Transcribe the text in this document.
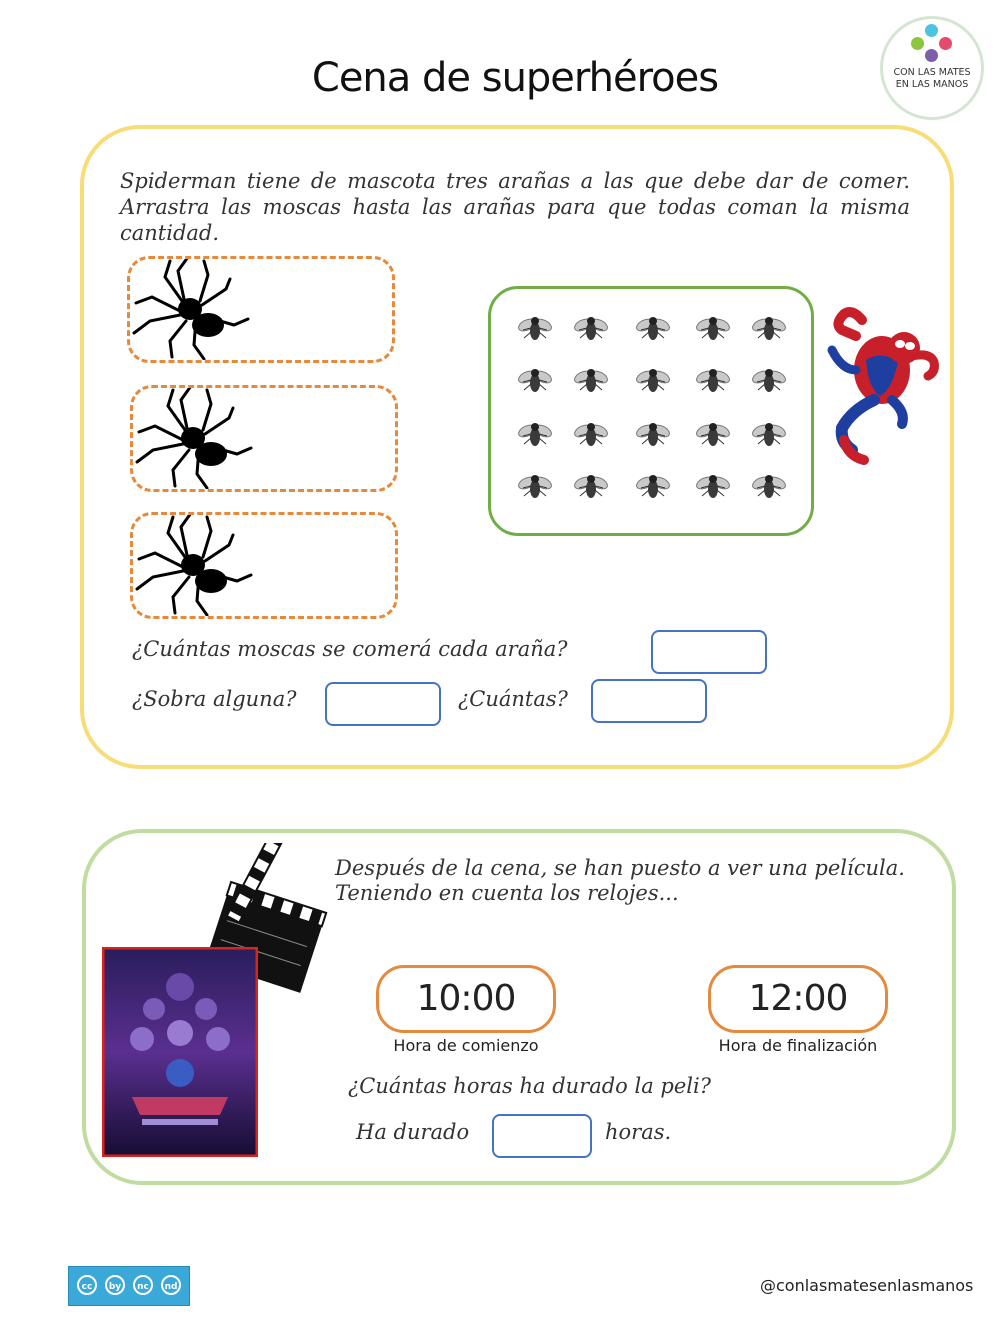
Cena de superhéroes	CON LAS MATES
EN LAS MANOS
Spiderman tiene de mascota tres arañas a las que debe dar de comer. Arrastra las moscas hasta las arañas para que todas coman la misma cantidad.
¿Cuántas moscas se comerá cada araña?
¿Sobra alguna?	¿Cuántas?
Después de la cena, se han puesto a ver una película.
Teniendo en cuenta los relojes...
10:00
Hora de comienzo
12:00
Hora de finalización
¿Cuántas horas ha durado la peli?
Ha durado	horas.
cc	by	nc	nd	@conlasmatesenlasmanos
